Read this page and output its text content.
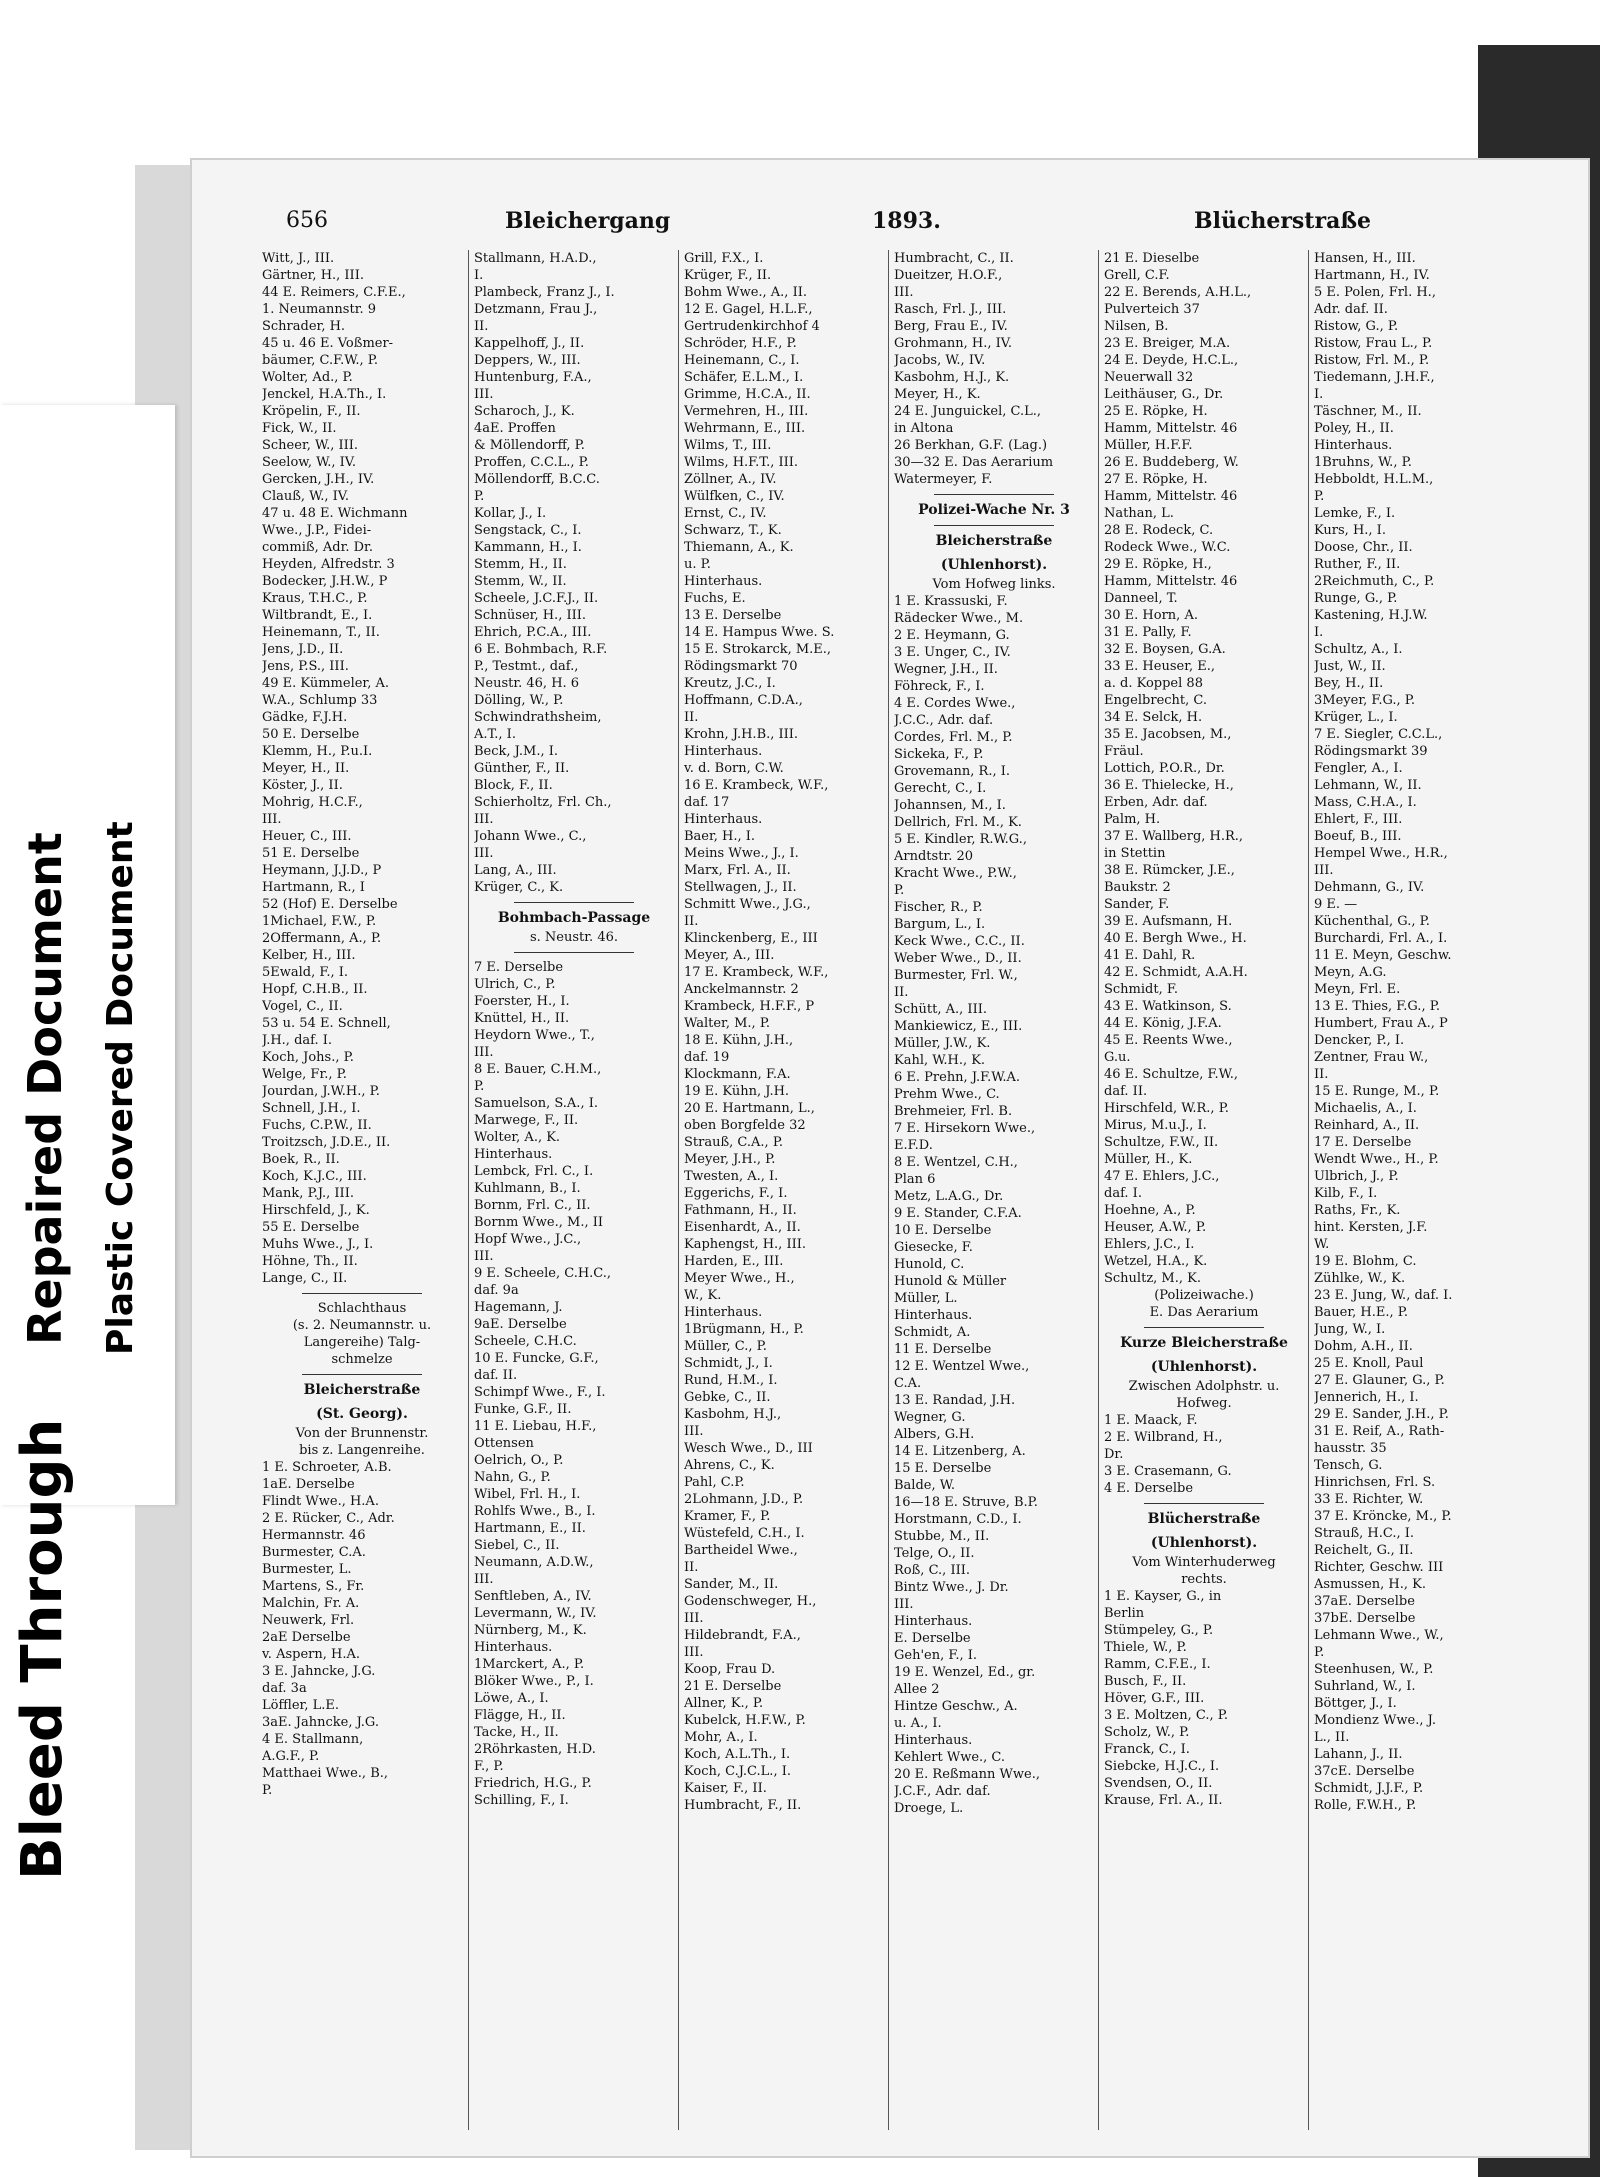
656	Bleichergang	1893.	Blücherstraße
Witt, J., III.
Gärtner, H., III.
44 E. Reimers, C.F.E.,
1. Neumannstr. 9
Schrader, H.
45 u. 46 E. Voßmer-
bäumer, C.F.W., P.
Wolter, Ad., P.
Jenckel, H.A.Th., I.
Kröpelin, F., II.
Fick, W., II.
Scheer, W., III.
Seelow, W., IV.
Gercken, J.H., IV.
Clauß, W., IV.
47 u. 48 E. Wichmann
Wwe., J.P., Fidei-
commiß, Adr. Dr.
Heyden, Alfredstr. 3
Bodecker, J.H.W., P
Kraus, T.H.C., P.
Wiltbrandt, E., I.
Heinemann, T., II.
Jens, J.D., II.
Jens, P.S., III.
49 E. Kümmeler, A.
W.A., Schlump 33
Gädke, F.J.H.
50 E. Derselbe
Klemm, H., P.u.I.
Meyer, H., II.
Köster, J., II.
Mohrig, H.C.F.,
III.
Heuer, C., III.
51 E. Derselbe
Heymann, J.J.D., P
Hartmann, R., I
52 (Hof) E. Derselbe
1Michael, F.W., P.
2Offermann, A., P.
Kelber, H., III.
5Ewald, F., I.
Hopf, C.H.B., II.
Vogel, C., II.
53 u. 54 E. Schnell,
J.H., daf. I.
Koch, Johs., P.
Welge, Fr., P.
Jourdan, J.W.H., P.
Schnell, J.H., I.
Fuchs, C.P.W., II.
Troitzsch, J.D.E., II.
Boek, R., II.
Koch, K.J.C., III.
Mank, P.J., III.
Hirschfeld, J., K.
55 E. Derselbe
Muhs Wwe., J., I.
Höhne, Th., II.
Lange, C., II.
Schlachthaus
(s. 2. Neumannstr. u.
Langereihe) Talg-
schmelze
Bleicherstraße
(St. Georg).
Von der Brunnenstr.
bis z. Langenreihe.
1 E. Schroeter, A.B.
1aE. Derselbe
Flindt Wwe., H.A.
2 E. Rücker, C., Adr.
Hermannstr. 46
Burmester, C.A.
Burmester, L.
Martens, S., Fr.
Malchin, Fr. A.
Neuwerk, Frl.
2aE Derselbe
v. Aspern, H.A.
3 E. Jahncke, J.G.
daf. 3a
Löffler, L.E.
3aE. Jahncke, J.G.
4 E. Stallmann,
A.G.F., P.
Matthaei Wwe., B.,
P.
Stallmann, H.A.D.,
I.
Plambeck, Franz J., I.
Detzmann, Frau J.,
II.
Kappelhoff, J., II.
Deppers, W., III.
Huntenburg, F.A.,
III.
Scharoch, J., K.
4aE. Proffen
& Möllendorff, P.
Proffen, C.C.L., P.
Möllendorff, B.C.C.
P.
Kollar, J., I.
Sengstack, C., I.
Kammann, H., I.
Stemm, H., II.
Stemm, W., II.
Scheele, J.C.F.J., II.
Schnüser, H., III.
Ehrich, P.C.A., III.
6 E. Bohmbach, R.F.
P., Testmt., daf.,
Neustr. 46, H. 6
Dölling, W., P.
Schwindrathsheim,
A.T., I.
Beck, J.M., I.
Günther, F., II.
Block, F., II.
Schierholtz, Frl. Ch.,
III.
Johann Wwe., C.,
III.
Lang, A., III.
Krüger, C., K.
Bohmbach-Passage
s. Neustr. 46.
7 E. Derselbe
Ulrich, C., P.
Foerster, H., I.
Knüttel, H., II.
Heydorn Wwe., T.,
III.
8 E. Bauer, C.H.M.,
P.
Samuelson, S.A., I.
Marwege, F., II.
Wolter, A., K.
Hinterhaus.
Lembck, Frl. C., I.
Kuhlmann, B., I.
Bornm, Frl. C., II.
Bornm Wwe., M., II
Hopf Wwe., J.C.,
III.
9 E. Scheele, C.H.C.,
daf. 9a
Hagemann, J.
9aE. Derselbe
Scheele, C.H.C.
10 E. Funcke, G.F.,
daf. II.
Schimpf Wwe., F., I.
Funke, G.F., II.
11 E. Liebau, H.F.,
Ottensen
Oelrich, O., P.
Nahn, G., P.
Wibel, Frl. H., I.
Rohlfs Wwe., B., I.
Hartmann, E., II.
Siebel, C., II.
Neumann, A.D.W.,
III.
Senftleben, A., IV.
Levermann, W., IV.
Nürnberg, M., K.
Hinterhaus.
1Marckert, A., P.
Blöker Wwe., P., I.
Löwe, A., I.
Flägge, H., II.
Tacke, H., II.
2Röhrkasten, H.D.
F., P.
Friedrich, H.G., P.
Schilling, F., I.
Grill, F.X., I.
Krüger, F., II.
Bohm Wwe., A., II.
12 E. Gagel, H.L.F.,
Gertrudenkirchhof 4
Schröder, H.F., P.
Heinemann, C., I.
Schäfer, E.L.M., I.
Grimme, H.C.A., II.
Vermehren, H., III.
Wehrmann, E., III.
Wilms, T., III.
Wilms, H.F.T., III.
Zöllner, A., IV.
Wülfken, C., IV.
Ernst, C., IV.
Schwarz, T., K.
Thiemann, A., K.
u. P.
Hinterhaus.
Fuchs, E.
13 E. Derselbe
14 E. Hampus Wwe. S.
15 E. Strokarck, M.E.,
Rödingsmarkt 70
Kreutz, J.C., I.
Hoffmann, C.D.A.,
II.
Krohn, J.H.B., III.
Hinterhaus.
v. d. Born, C.W.
16 E. Krambeck, W.F.,
daf. 17
Hinterhaus.
Baer, H., I.
Meins Wwe., J., I.
Marx, Frl. A., II.
Stellwagen, J., II.
Schmitt Wwe., J.G.,
II.
Klinckenberg, E., III
Meyer, A., III.
17 E. Krambeck, W.F.,
Anckelmannstr. 2
Krambeck, H.F.F., P
Walter, M., P.
18 E. Kühn, J.H.,
daf. 19
Klockmann, F.A.
19 E. Kühn, J.H.
20 E. Hartmann, L.,
oben Borgfelde 32
Strauß, C.A., P.
Meyer, J.H., P.
Twesten, A., I.
Eggerichs, F., I.
Fathmann, H., II.
Eisenhardt, A., II.
Kaphengst, H., III.
Harden, E., III.
Meyer Wwe., H.,
W., K.
Hinterhaus.
1Brügmann, H., P.
Müller, C., P.
Schmidt, J., I.
Rund, H.M., I.
Gebke, C., II.
Kasbohm, H.J.,
III.
Wesch Wwe., D., III
Ahrens, C., K.
Pahl, C.P.
2Lohmann, J.D., P.
Kramer, F., P.
Wüstefeld, C.H., I.
Bartheidel Wwe.,
II.
Sander, M., II.
Godenschweger, H.,
III.
Hildebrandt, F.A.,
III.
Koop, Frau D.
21 E. Derselbe
Allner, K., P.
Kubelck, H.F.W., P.
Mohr, A., I.
Koch, A.L.Th., I.
Koch, C.J.C.L., I.
Kaiser, F., II.
Humbracht, F., II.
Humbracht, C., II.
Dueitzer, H.O.F.,
III.
Rasch, Frl. J., III.
Berg, Frau E., IV.
Grohmann, H., IV.
Jacobs, W., IV.
Kasbohm, H.J., K.
Meyer, H., K.
24 E. Junguickel, C.L.,
in Altona
26 Berkhan, G.F. (Lag.)
30—32 E. Das Aerarium
Watermeyer, F.
Polizei-Wache Nr. 3
Bleicherstraße
(Uhlenhorst).
Vom Hofweg links.
1 E. Krassuski, F.
Rädecker Wwe., M.
2 E. Heymann, G.
3 E. Unger, C., IV.
Wegner, J.H., II.
Föhreck, F., I.
4 E. Cordes Wwe.,
J.C.C., Adr. daf.
Cordes, Frl. M., P.
Sickeka, F., P.
Grovemann, R., I.
Gerecht, C., I.
Johannsen, M., I.
Dellrich, Frl. M., K.
5 E. Kindler, R.W.G.,
Arndtstr. 20
Kracht Wwe., P.W.,
P.
Fischer, R., P.
Bargum, L., I.
Keck Wwe., C.C., II.
Weber Wwe., D., II.
Burmester, Frl. W.,
II.
Schütt, A., III.
Mankiewicz, E., III.
Müller, J.W., K.
Kahl, W.H., K.
6 E. Prehn, J.F.W.A.
Prehm Wwe., C.
Brehmeier, Frl. B.
7 E. Hirsekorn Wwe.,
E.F.D.
8 E. Wentzel, C.H.,
Plan 6
Metz, L.A.G., Dr.
9 E. Stander, C.F.A.
10 E. Derselbe
Giesecke, F.
Hunold, C.
Hunold & Müller
Müller, L.
Hinterhaus.
Schmidt, A.
11 E. Derselbe
12 E. Wentzel Wwe.,
C.A.
13 E. Randad, J.H.
Wegner, G.
Albers, G.H.
14 E. Litzenberg, A.
15 E. Derselbe
Balde, W.
16—18 E. Struve, B.P.
Horstmann, C.D., I.
Stubbe, M., II.
Telge, O., II.
Roß, C., III.
Bintz Wwe., J. Dr.
III.
Hinterhaus.
E. Derselbe
Geh'en, F., I.
19 E. Wenzel, Ed., gr.
Allee 2
Hintze Geschw., A.
u. A., I.
Hinterhaus.
Kehlert Wwe., C.
20 E. Reßmann Wwe.,
J.C.F., Adr. daf.
Droege, L.
21 E. Dieselbe
Grell, C.F.
22 E. Berends, A.H.L.,
Pulverteich 37
Nilsen, B.
23 E. Breiger, M.A.
24 E. Deyde, H.C.L.,
Neuerwall 32
Leithäuser, G., Dr.
25 E. Röpke, H.
Hamm, Mittelstr. 46
Müller, H.F.F.
26 E. Buddeberg, W.
27 E. Röpke, H.
Hamm, Mittelstr. 46
Nathan, L.
28 E. Rodeck, C.
Rodeck Wwe., W.C.
29 E. Röpke, H.,
Hamm, Mittelstr. 46
Danneel, T.
30 E. Horn, A.
31 E. Pally, F.
32 E. Boysen, G.A.
33 E. Heuser, E.,
a. d. Koppel 88
Engelbrecht, C.
34 E. Selck, H.
35 E. Jacobsen, M.,
Fräul.
Lottich, P.O.R., Dr.
36 E. Thielecke, H.,
Erben, Adr. daf.
Palm, H.
37 E. Wallberg, H.R.,
in Stettin
38 E. Rümcker, J.E.,
Baukstr. 2
Sander, F.
39 E. Aufsmann, H.
40 E. Bergh Wwe., H.
41 E. Dahl, R.
42 E. Schmidt, A.A.H.
Schmidt, F.
43 E. Watkinson, S.
44 E. König, J.F.A.
45 E. Reents Wwe.,
G.u.
46 E. Schultze, F.W.,
daf. II.
Hirschfeld, W.R., P.
Mirus, M.u.J., I.
Schultze, F.W., II.
Müller, H., K.
47 E. Ehlers, J.C.,
daf. I.
Hoehne, A., P.
Heuser, A.W., P.
Ehlers, J.C., I.
Wetzel, H.A., K.
Schultz, M., K.
(Polizeiwache.)
E. Das Aerarium
Kurze Bleicherstraße
(Uhlenhorst).
Zwischen Adolphstr. u.
Hofweg.
1 E. Maack, F.
2 E. Wilbrand, H.,
Dr.
3 E. Crasemann, G.
4 E. Derselbe
Blücherstraße
(Uhlenhorst).
Vom Winterhuderweg
rechts.
1 E. Kayser, G., in
Berlin
Stümpeley, G., P.
Thiele, W., P.
Ramm, C.F.E., I.
Busch, F., II.
Höver, G.F., III.
3 E. Moltzen, C., P.
Scholz, W., P.
Franck, C., I.
Siebcke, H.J.C., I.
Svendsen, O., II.
Krause, Frl. A., II.
Hansen, H., III.
Hartmann, H., IV.
5 E. Polen, Frl. H.,
Adr. daf. II.
Ristow, G., P.
Ristow, Frau L., P.
Ristow, Frl. M., P.
Tiedemann, J.H.F.,
I.
Täschner, M., II.
Poley, H., II.
Hinterhaus.
1Bruhns, W., P.
Hebboldt, H.L.M.,
P.
Lemke, F., I.
Kurs, H., I.
Doose, Chr., II.
Ruther, F., II.
2Reichmuth, C., P.
Runge, G., P.
Kastening, H.J.W.
I.
Schultz, A., I.
Just, W., II.
Bey, H., II.
3Meyer, F.G., P.
Krüger, L., I.
7 E. Siegler, C.C.L.,
Rödingsmarkt 39
Fengler, A., I.
Lehmann, W., II.
Mass, C.H.A., I.
Ehlert, F., III.
Boeuf, B., III.
Hempel Wwe., H.R.,
III.
Dehmann, G., IV.
9 E. —
Küchenthal, G., P.
Burchardi, Frl. A., I.
11 E. Meyn, Geschw.
Meyn, A.G.
Meyn, Frl. E.
13 E. Thies, F.G., P.
Humbert, Frau A., P
Dencker, P., I.
Zentner, Frau W.,
II.
15 E. Runge, M., P.
Michaelis, A., I.
Reinhard, A., II.
17 E. Derselbe
Wendt Wwe., H., P.
Ulbrich, J., P.
Kilb, F., I.
Raths, Fr., K.
hint. Kersten, J.F.
W.
19 E. Blohm, C.
Zühlke, W., K.
23 E. Jung, W., daf. I.
Bauer, H.E., P.
Jung, W., I.
Dohm, A.H., II.
25 E. Knoll, Paul
27 E. Glauner, G., P.
Jennerich, H., I.
29 E. Sander, J.H., P.
31 E. Reif, A., Rath-
hausstr. 35
Tensch, G.
Hinrichsen, Frl. S.
33 E. Richter, W.
37 E. Kröncke, M., P.
Strauß, H.C., I.
Reichelt, G., II.
Richter, Geschw. III
Asmussen, H., K.
37aE. Derselbe
37bE. Derselbe
Lehmann Wwe., W.,
P.
Steenhusen, W., P.
Suhrland, W., I.
Böttger, J., I.
Mondienz Wwe., J.
L., II.
Lahann, J., II.
37cE. Derselbe
Schmidt, J.J.F., P.
Rolle, F.W.H., P.
Bleed Through
Repaired Document Plastic Covered Document
